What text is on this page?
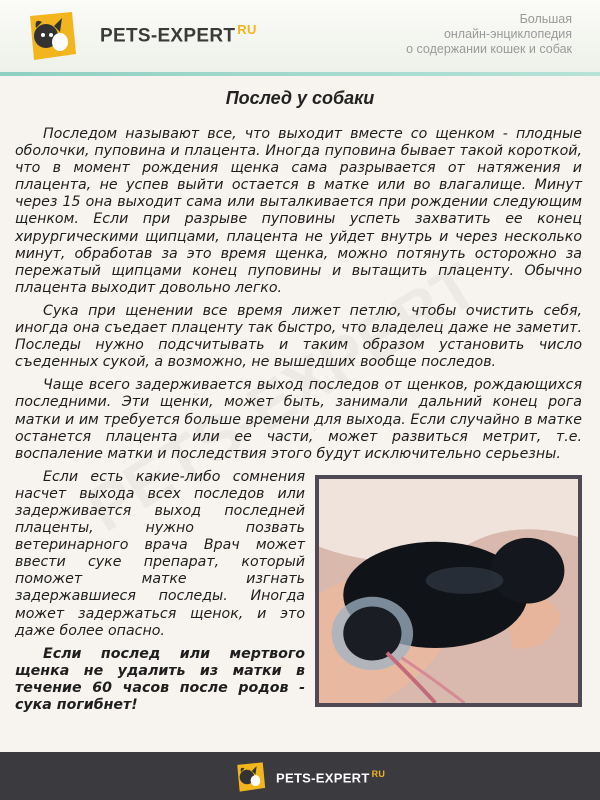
PETS-EXPERT $^{RU}$
Большая
онлайн-энциклопедия
о содержании кошек и собак
Послед у собаки

Последом называют все, что выходит вместе со щенком - плодные оболочки, пуповина и плацента. Иногда пуповина бывает такой короткой, что в момент рождения щенка сама разрывается от натяжения и плацента, не успев выйти остается в матке или во влагалище. Минут через 15 она выходит сама или выталкивается при рождении следующим щенком. Если при разрыве пуповины успеть захватить ее конец хирургическими щипцами, плацента не уйдет внутрь и через несколько минут, обработав за это время щенка, можно потянуть осторожно за пережатый щипцами конец пуповины и вытащить плаценту. Обычно плацента выходит довольно легко.

Сука при щенении все время лижет петлю, чтобы очистить себя, иногда она съедает плаценту так быстро, что владелец даже не заметит. Последы нужно подсчитывать и таким образом установить число съеденных сукой, а возможно, не вышедших вообще последов.

Чаще всего задерживается выход последов от щенков, рождающихся последними. Эти щенки, может быть, занимали дальний конец рога матки и им требуется больше времени для выхода. Если случайно в матке останется плацента или ее части, может развиться метрит, т.е. воспаление матки и последствия этого будут исключительно серьезны.

Если есть какие-либо сомнения насчет выхода всех последов или задерживается выход последней плаценты, нужно позвать ветеринарного врача Врач может ввести суке препарат, который поможет матке изгнать задержавшиеся последы. Иногда может задержаться щенок, и это даже более опасно.

Если послед или мертвого щенка не удалить из матки в течение 60 часов после родов - сука погибнет!

PETS-EXPERT $^{RU}$
